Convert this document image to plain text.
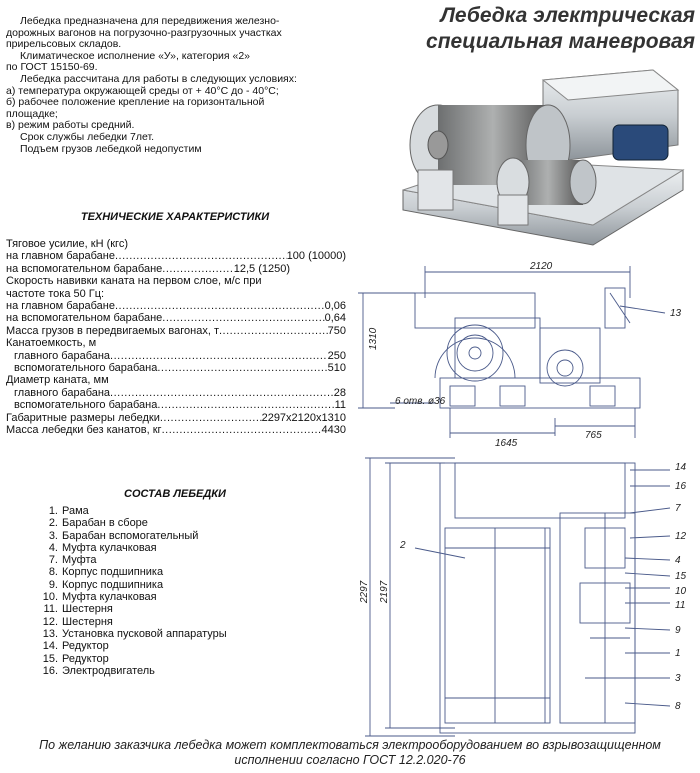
Лебедка электрическая
специальная маневровая
Лебедка предназначена для передвижения железно-
дорожных вагонов на погрузочно-разгрузочных участках
прирельсовых складов.
Климатическое исполнение «У», категория «2»
по ГОСТ 15150-69.
Лебедка рассчитана для работы в следующих условиях:
а) температура окружающей среды от + 40°С до - 40°С;
б) рабочее положение крепление на горизонтальной
площадке;
в) режим работы средний.
Срок службы лебедки 7лет.
Подъем грузов лебедкой недопустим
ТЕХНИЧЕСКИЕ ХАРАКТЕРИСТИКИ
Тяговое усилие, кН (кгс)
на главном барабане .....	100 (10000)
на вспомогательном барабане .....	12,5 (1250)
Скорость навивки каната на первом слое, м/с при
частоте тока 50 Гц:
на главном барабане .....	0,06
на вспомогательном барабане .....	0,64
Масса грузов в передвигаемых вагонах, т .....	750
Канатоемкость, м
главного барабана .....	250
вспомогательного барабана .....	510
Диаметр каната, мм
главного барабана .....	28
вспомогательного барабана .....	11
Габаритные размеры лебедки .....	2297x2120x1310
Масса лебедки без канатов, кг .....	4430
СОСТАВ ЛЕБЕДКИ
1. Рама
2. Барабан в сборе
3. Барабан вспомогательный
4. Муфта кулачковая
7. Муфта
8. Корпус подшипника
9. Корпус подшипника
10. Муфта кулачковая
11. Шестерня
12. Шестерня
13. Установка пусковой аппаратуры
14. Редуктор
15. Редуктор
16. Электродвигатель
2120
1310
1645
765
6 отв. ø36
2297 2197
13
2
14
16
7
12
4
15
10
11
9
1
3
8
По желанию заказчика лебедка может комплектоваться электрооборудованием во взрывозащищенном
исполнении согласно ГОСТ 12.2.020-76
